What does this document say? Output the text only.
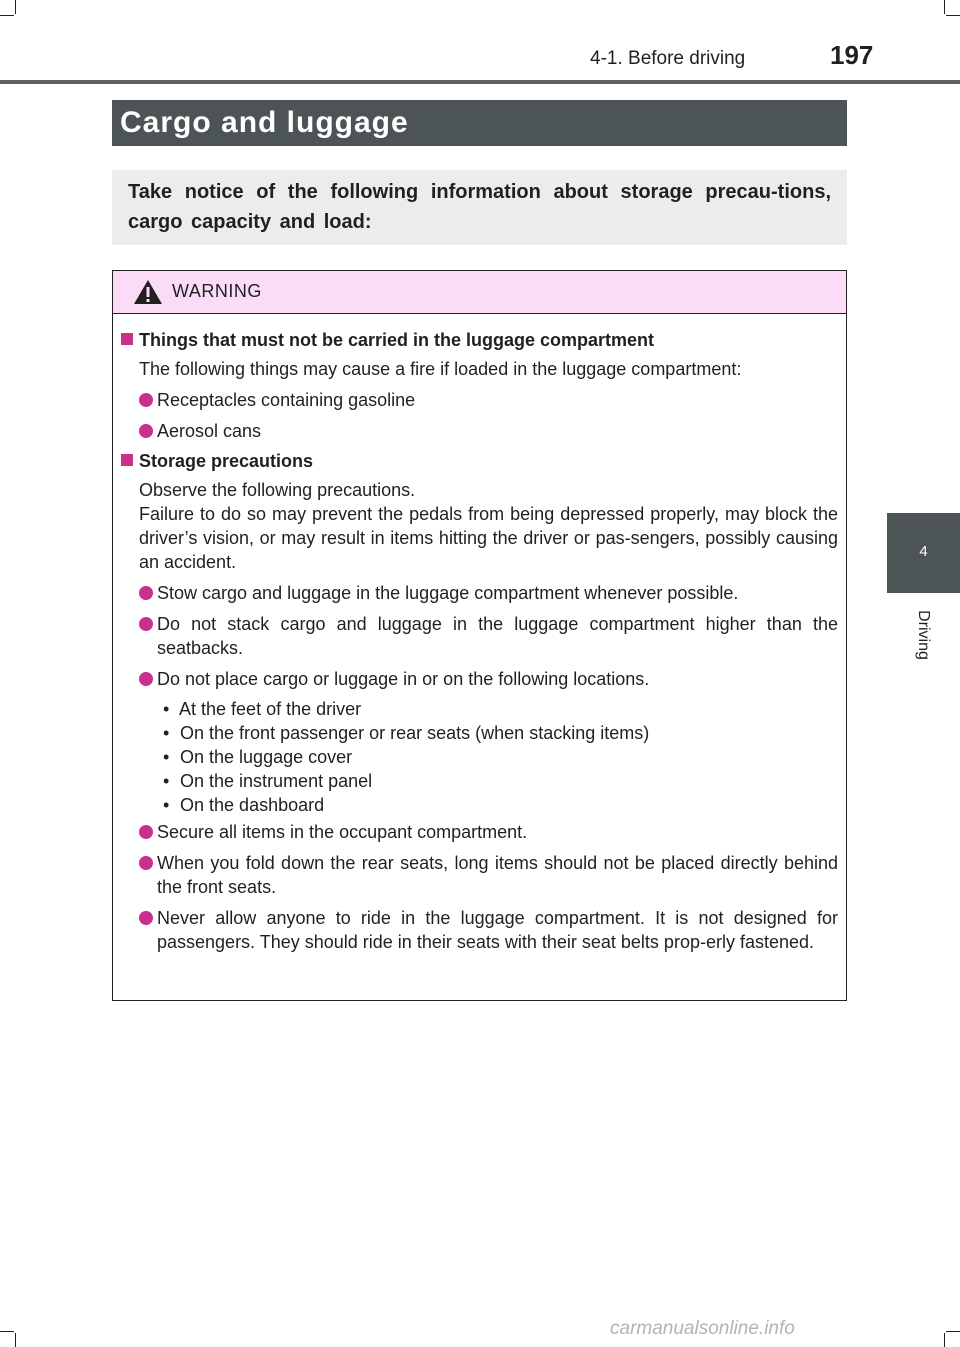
4-1. Before driving	197
4
Driving
Cargo and luggage
Take notice of the following information about storage precau-tions, cargo capacity and load:
WARNING
Things that must not be carried in the luggage compartment
The following things may cause a fire if loaded in the luggage compartment:
Receptacles containing gasoline
Aerosol cans
Storage precautions
Observe the following precautions.
Failure to do so may prevent the pedals from being depressed properly, may block the driver’s vision, or may result in items hitting the driver or pas-sengers, possibly causing an accident.
Stow cargo and luggage in the luggage compartment whenever possible.
Do not stack cargo and luggage in the luggage compartment higher than the seatbacks.
Do not place cargo or luggage in or on the following locations.
• At the feet of the driver
• On the front passenger or rear seats (when stacking items)
• On the luggage cover
• On the instrument panel
• On the dashboard
Secure all items in the occupant compartment.
When you fold down the rear seats, long items should not be placed directly behind the front seats.
Never allow anyone to ride in the luggage compartment. It is not designed for passengers. They should ride in their seats with their seat belts prop-erly fastened.
carmanualsonline.info
